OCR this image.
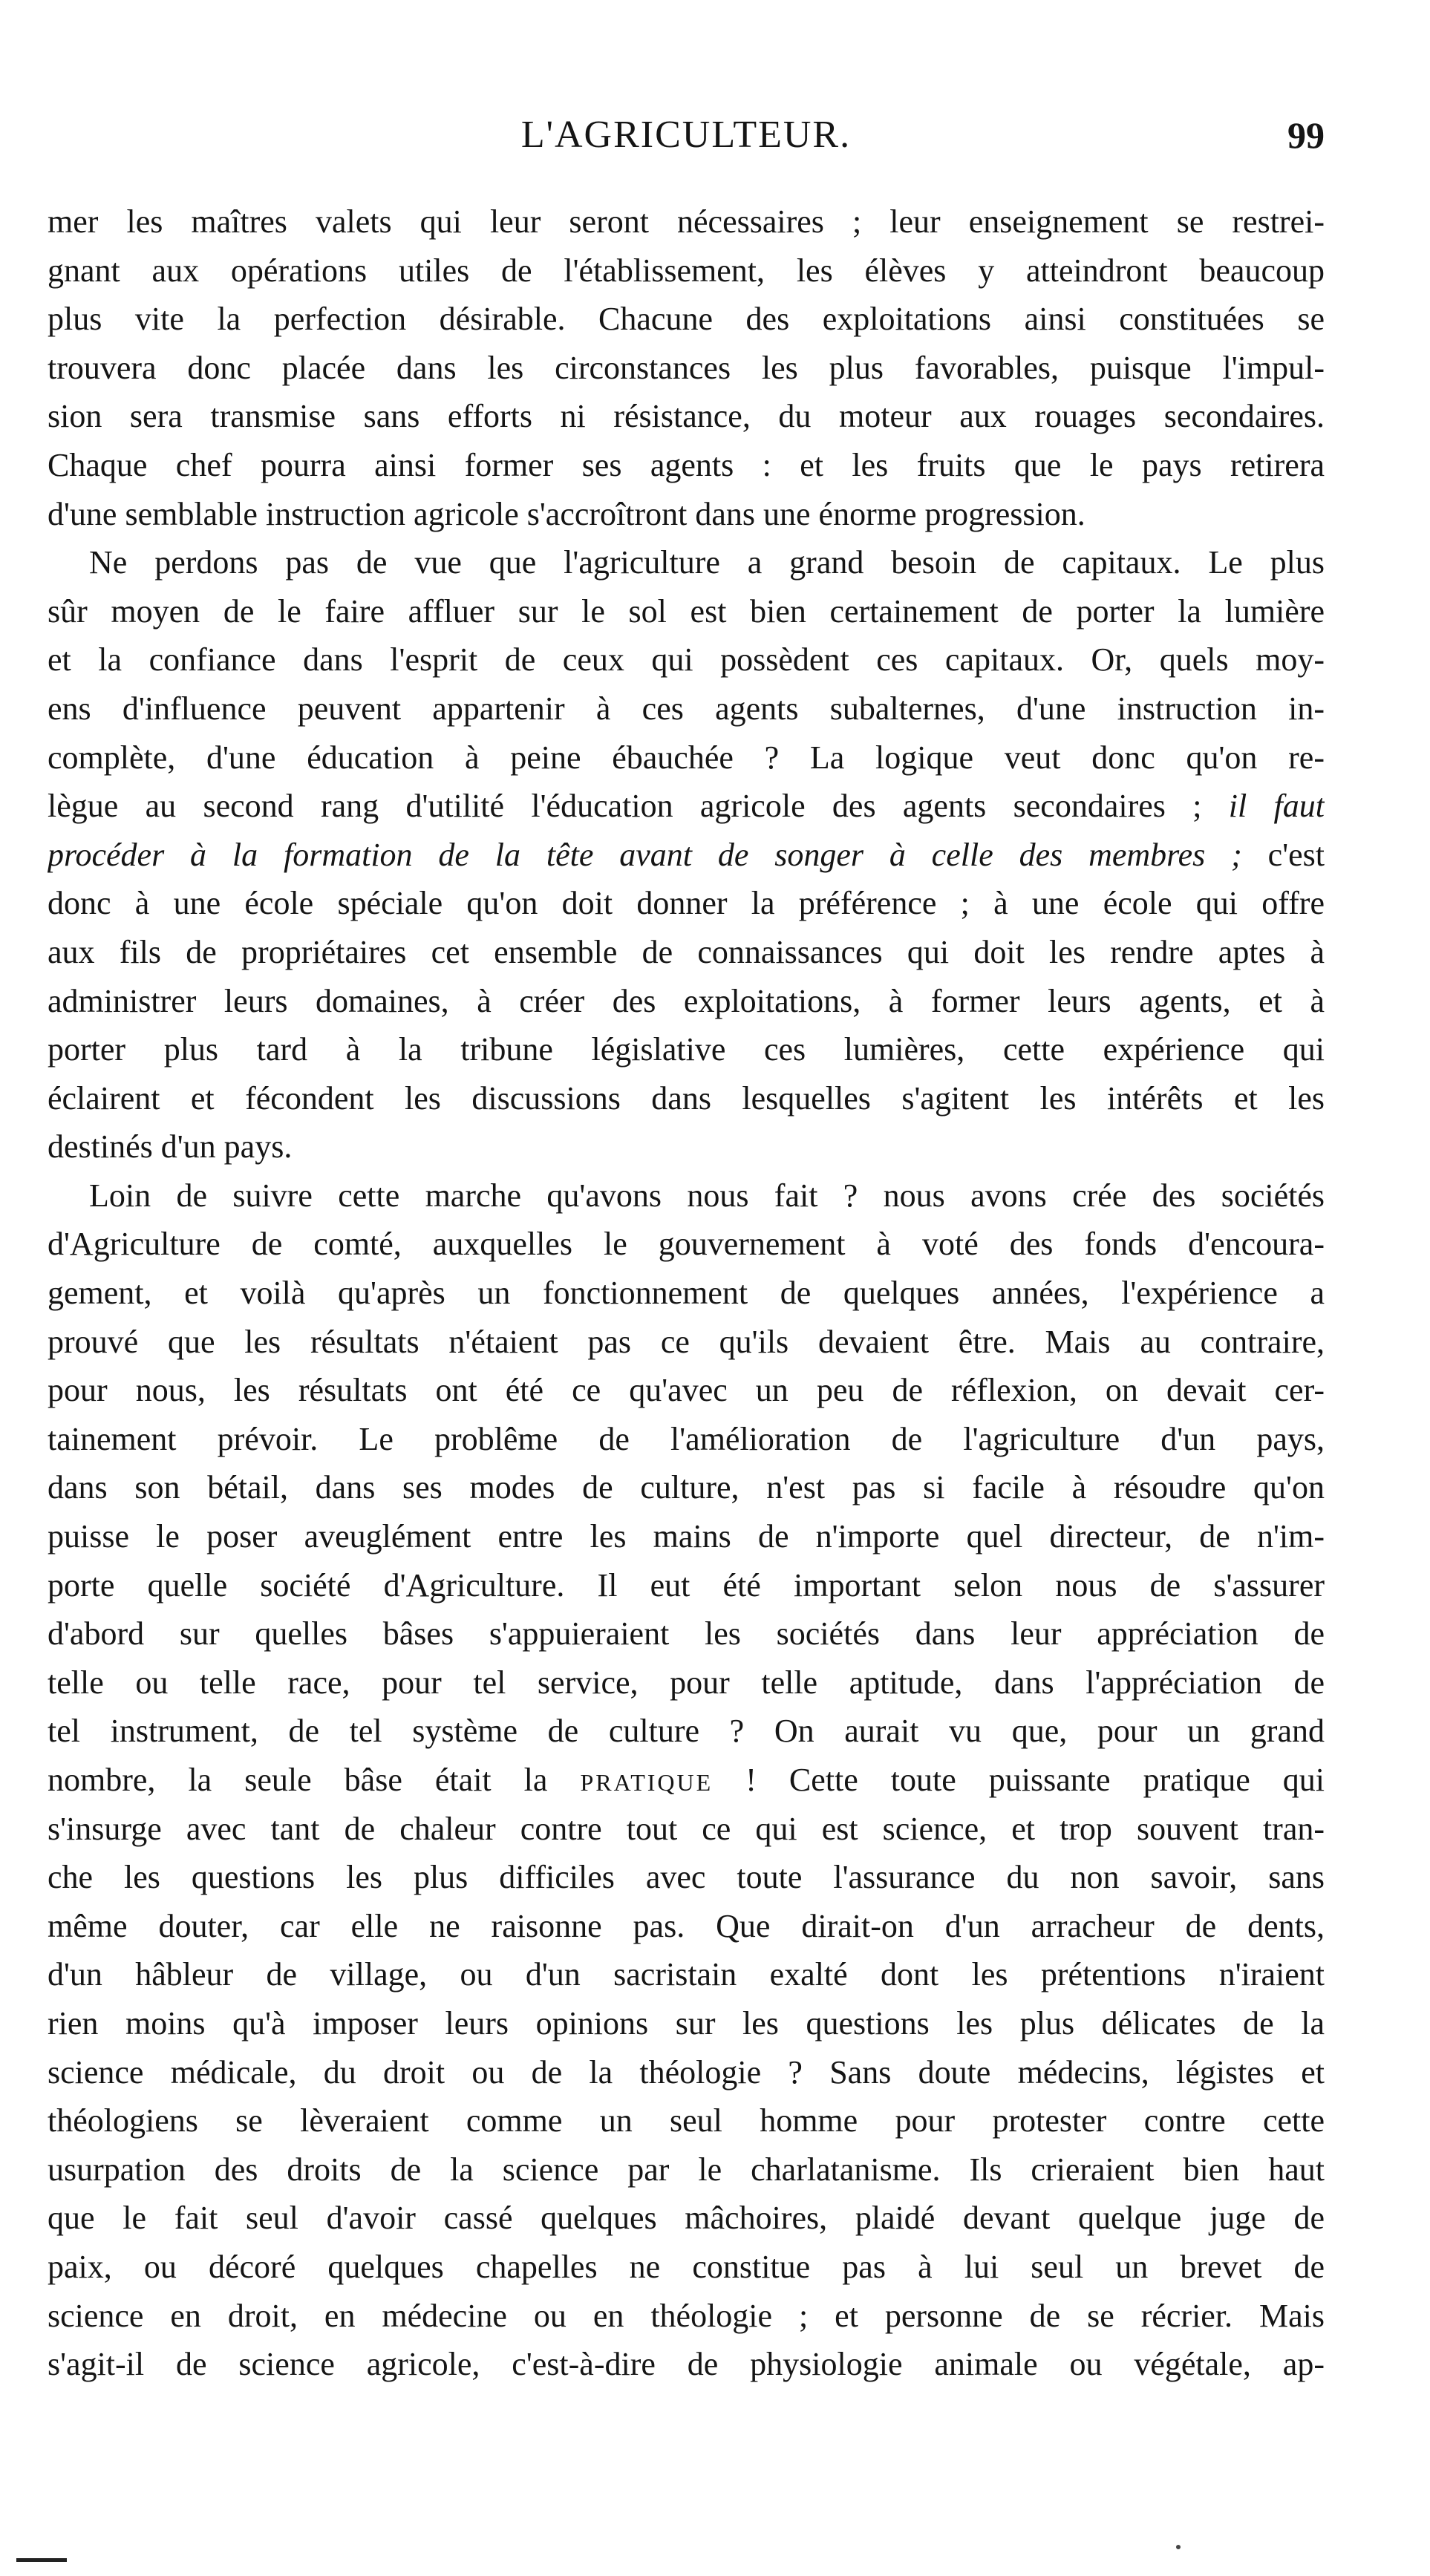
L'AGRICULTEUR.	99
mer les maîtres valets qui leur seront nécessaires ; leur enseignement se restrei-
gnant aux opérations utiles de l'établissement, les élèves y atteindront beaucoup
plus vite la perfection désirable. Chacune des exploitations ainsi constituées se
trouvera donc placée dans les circonstances les plus favorables, puisque l'impul-
sion sera transmise sans efforts ni résistance, du moteur aux rouages secondaires.
Chaque chef pourra ainsi former ses agents : et les fruits que le pays retirera
d'une semblable instruction agricole s'accroîtront dans une énorme progression.
Ne perdons pas de vue que l'agriculture a grand besoin de capitaux. Le plus
sûr moyen de le faire affluer sur le sol est bien certainement de porter la lumière
et la confiance dans l'esprit de ceux qui possèdent ces capitaux. Or, quels moy-
ens d'influence peuvent appartenir à ces agents subalternes, d'une instruction in-
complète, d'une éducation à peine ébauchée ? La logique veut donc qu'on re-
lègue au second rang d'utilité l'éducation agricole des agents secondaires ; il faut
procéder à la formation de la tête avant de songer à celle des membres ; c'est
donc à une école spéciale qu'on doit donner la préférence ; à une école qui offre
aux fils de propriétaires cet ensemble de connaissances qui doit les rendre aptes à
administrer leurs domaines, à créer des exploitations, à former leurs agents, et à
porter plus tard à la tribune législative ces lumières, cette expérience qui
éclairent et fécondent les discussions dans lesquelles s'agitent les intérêts et les
destinés d'un pays.
Loin de suivre cette marche qu'avons nous fait ? nous avons crée des sociétés
d'Agriculture de comté, auxquelles le gouvernement à voté des fonds d'encoura-
gement, et voilà qu'après un fonctionnement de quelques années, l'expérience a
prouvé que les résultats n'étaient pas ce qu'ils devaient être. Mais au contraire,
pour nous, les résultats ont été ce qu'avec un peu de réflexion, on devait cer-
tainement prévoir. Le problême de l'amélioration de l'agriculture d'un pays,
dans son bétail, dans ses modes de culture, n'est pas si facile à résoudre qu'on
puisse le poser aveuglément entre les mains de n'importe quel directeur, de n'im-
porte quelle société d'Agriculture. Il eut été important selon nous de s'assurer
d'abord sur quelles bâses s'appuieraient les sociétés dans leur appréciation de
telle ou telle race, pour tel service, pour telle aptitude, dans l'appréciation de
tel instrument, de tel système de culture ? On aurait vu que, pour un grand
nombre, la seule bâse était la PRATIQUE ! Cette toute puissante pratique qui
s'insurge avec tant de chaleur contre tout ce qui est science, et trop souvent tran-
che les questions les plus difficiles avec toute l'assurance du non savoir, sans
même douter, car elle ne raisonne pas. Que dirait-on d'un arracheur de dents,
d'un hâbleur de village, ou d'un sacristain exalté dont les prétentions n'iraient
rien moins qu'à imposer leurs opinions sur les questions les plus délicates de la
science médicale, du droit ou de la théologie ? Sans doute médecins, légistes et
théologiens se lèveraient comme un seul homme pour protester contre cette
usurpation des droits de la science par le charlatanisme. Ils crieraient bien haut
que le fait seul d'avoir cassé quelques mâchoires, plaidé devant quelque juge de
paix, ou décoré quelques chapelles ne constitue pas à lui seul un brevet de
science en droit, en médecine ou en théologie ; et personne de se récrier. Mais
s'agit-il de science agricole, c'est-à-dire de physiologie animale ou végétale, ap-
